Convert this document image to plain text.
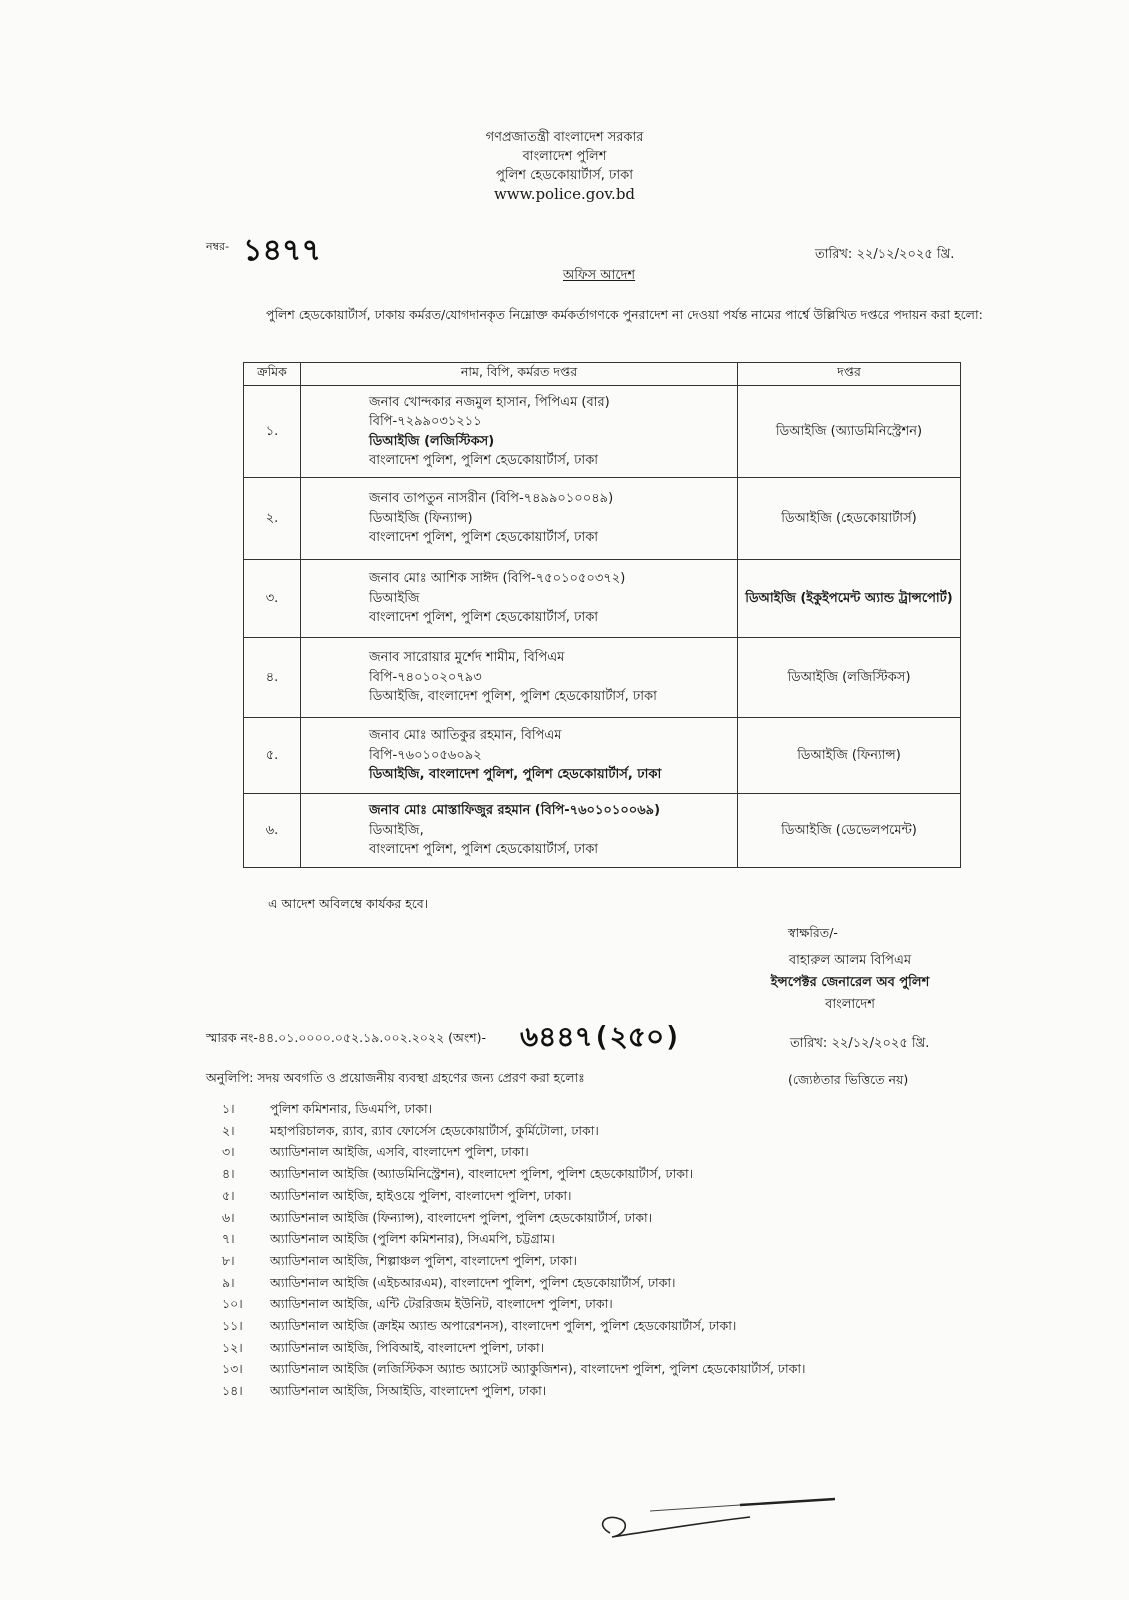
গণপ্রজাতন্ত্রী বাংলাদেশ সরকার
বাংলাদেশ পুলিশ
পুলিশ হেডকোয়ার্টার্স, ঢাকা
www.police.gov.bd
নম্বর- ১৪৭৭	তারিখ: ২২/১২/২০২৫ খ্রি.
অফিস আদেশ
পুলিশ হেডকোয়ার্টার্স, ঢাকায় কর্মরত/যোগদানকৃত নিম্নোক্ত কর্মকর্তাগণকে পুনরাদেশ না দেওয়া পর্যন্ত নামের পার্শ্বে উল্লিখিত দপ্তরে পদায়ন করা হলো:
ক্রমিক	নাম, বিপি, কর্মরত দপ্তর	দপ্তর
১.	জনাব খোন্দকার নজমুল হাসান, পিপিএম (বার)
বিপি-৭২৯৯০৩১২১১
ডিআইজি (লজিস্টিকস)
বাংলাদেশ পুলিশ, পুলিশ হেডকোয়ার্টার্স, ঢাকা	ডিআইজি (অ্যাডমিনিস্ট্রেশন)
২.	জনাব তাপতুন নাসরীন (বিপি-৭৪৯৯০১০০৪৯)
ডিআইজি (ফিন্যান্স)
বাংলাদেশ পুলিশ, পুলিশ হেডকোয়ার্টার্স, ঢাকা	ডিআইজি (হেডকোয়ার্টার্স)
৩.	জনাব মোঃ আশিক সাঈদ (বিপি-৭৫০১০৫০৩৭২)
ডিআইজি
বাংলাদেশ পুলিশ, পুলিশ হেডকোয়ার্টার্স, ঢাকা	ডিআইজি (ইকুইপমেন্ট অ্যান্ড ট্রান্সপোর্ট)
৪.	জনাব সারোয়ার মুর্শেদ শামীম, বিপিএম
বিপি-৭৪০১০২০৭৯৩
ডিআইজি, বাংলাদেশ পুলিশ, পুলিশ হেডকোয়ার্টার্স, ঢাকা	ডিআইজি (লজিস্টিকস)
৫.	জনাব মোঃ আতিকুর রহমান, বিপিএম
বিপি-৭৬০১০৫৬০৯২
ডিআইজি, বাংলাদেশ পুলিশ, পুলিশ হেডকোয়ার্টার্স, ঢাকা	ডিআইজি (ফিন্যান্স)
৬.	জনাব মোঃ মোস্তাফিজুর রহমান (বিপি-৭৬০১০১০০৬৯)
ডিআইজি,
বাংলাদেশ পুলিশ, পুলিশ হেডকোয়ার্টার্স, ঢাকা	ডিআইজি (ডেভেলপমেন্ট)
এ আদেশ অবিলম্বে কার্যকর হবে।
স্বাক্ষরিত/-
বাহারুল আলম বিপিএম
ইন্সপেক্টর জেনারেল অব পুলিশ
বাংলাদেশ
স্মারক নং-৪৪.০১.০০০০.০৫২.১৯.০০২.২০২২ (অংশ)- ৬৪৪৭(২৫০)	তারিখ: ২২/১২/২০২৫ খ্রি.
অনুলিপি: সদয় অবগতি ও প্রয়োজনীয় ব্যবস্থা গ্রহণের জন্য প্রেরণ করা হলোঃ	(জ্যেষ্ঠতার ভিত্তিতে নয়)
১।	পুলিশ কমিশনার, ডিএমপি, ঢাকা।
২।	মহাপরিচালক, র‍্যাব, র‍্যাব ফোর্সেস হেডকোয়ার্টার্স, কুর্মিটোলা, ঢাকা।
৩।	অ্যাডিশনাল আইজি, এসবি, বাংলাদেশ পুলিশ, ঢাকা।
৪।	অ্যাডিশনাল আইজি (অ্যাডমিনিস্ট্রেশন), বাংলাদেশ পুলিশ, পুলিশ হেডকোয়ার্টার্স, ঢাকা।
৫।	অ্যাডিশনাল আইজি, হাইওয়ে পুলিশ, বাংলাদেশ পুলিশ, ঢাকা।
৬।	অ্যাডিশনাল আইজি (ফিন্যান্স), বাংলাদেশ পুলিশ, পুলিশ হেডকোয়ার্টার্স, ঢাকা।
৭।	অ্যাডিশনাল আইজি (পুলিশ কমিশনার), সিএমপি, চট্টগ্রাম।
৮।	অ্যাডিশনাল আইজি, শিল্পাঞ্চল পুলিশ, বাংলাদেশ পুলিশ, ঢাকা।
৯।	অ্যাডিশনাল আইজি (এইচআরএম), বাংলাদেশ পুলিশ, পুলিশ হেডকোয়ার্টার্স, ঢাকা।
১০। অ্যাডিশনাল আইজি, এন্টি টেররিজম ইউনিট, বাংলাদেশ পুলিশ, ঢাকা।
১১। অ্যাডিশনাল আইজি (ক্রাইম অ্যান্ড অপারেশনস), বাংলাদেশ পুলিশ, পুলিশ হেডকোয়ার্টার্স, ঢাকা।
১২। অ্যাডিশনাল আইজি, পিবিআই, বাংলাদেশ পুলিশ, ঢাকা।
১৩। অ্যাডিশনাল আইজি (লজিস্টিকস অ্যান্ড অ্যাসেট অ্যাকুজিশন), বাংলাদেশ পুলিশ, পুলিশ হেডকোয়ার্টার্স, ঢাকা।
১৪। অ্যাডিশনাল আইজি, সিআইডি, বাংলাদেশ পুলিশ, ঢাকা।
